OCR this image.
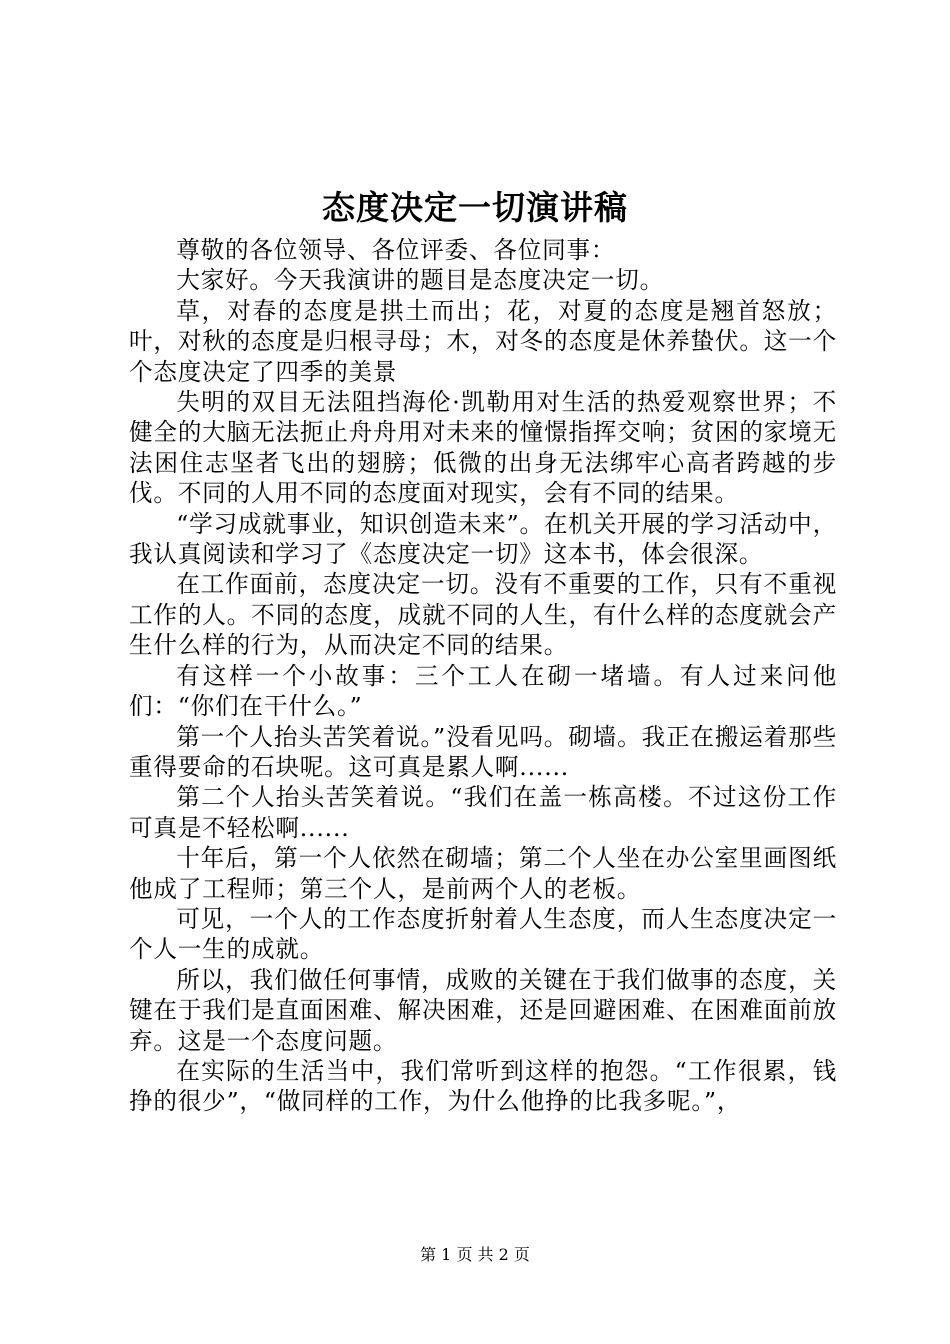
态度决定一切演讲稿

尊敬的各位领导、各位评委、各位同事：

大家好。今天我演讲的题目是态度决定一切。

草，对春的态度是拱土而出；花，对夏的态度是翘首怒放；叶，对秋的态度是归根寻母；木，对冬的态度是休养蛰伏。这一个个态度决定了四季的美景

失明的双目无法阻挡海伦·凯勒用对生活的热爱观察世界；不健全的大脑无法扼止舟舟用对未来的憧憬指挥交响；贫困的家境无法困住志坚者飞出的翅膀；低微的出身无法绑牢心高者跨越的步伐。不同的人用不同的态度面对现实，会有不同的结果。

“学习成就事业，知识创造未来”。在机关开展的学习活动中，我认真阅读和学习了《态度决定一切》这本书，体会很深。

在工作面前，态度决定一切。没有不重要的工作，只有不重视工作的人。不同的态度，成就不同的人生，有什么样的态度就会产生什么样的行为，从而决定不同的结果。

有这样一个小故事：三个工人在砌一堵墙。有人过来问他们：“你们在干什么。”

第一个人抬头苦笑着说。”没看见吗。砌墙。我正在搬运着那些重得要命的石块呢。这可真是累人啊......

第二个人抬头苦笑着说。“我们在盖一栋高楼。不过这份工作可真是不轻松啊......

十年后，第一个人依然在砌墙；第二个人坐在办公室里画图纸他成了工程师；第三个人，是前两个人的老板。

可见，一个人的工作态度折射着人生态度，而人生态度决定一个人一生的成就。

所以，我们做任何事情，成败的关键在于我们做事的态度，关键在于我们是直面困难、解决困难，还是回避困难、在困难面前放弃。这是一个态度问题。

在实际的生活当中，我们常听到这样的抱怨。“工作很累，钱挣的很少”，“做同样的工作，为什么他挣的比我多呢。”，

第 1 页 共 2 页
